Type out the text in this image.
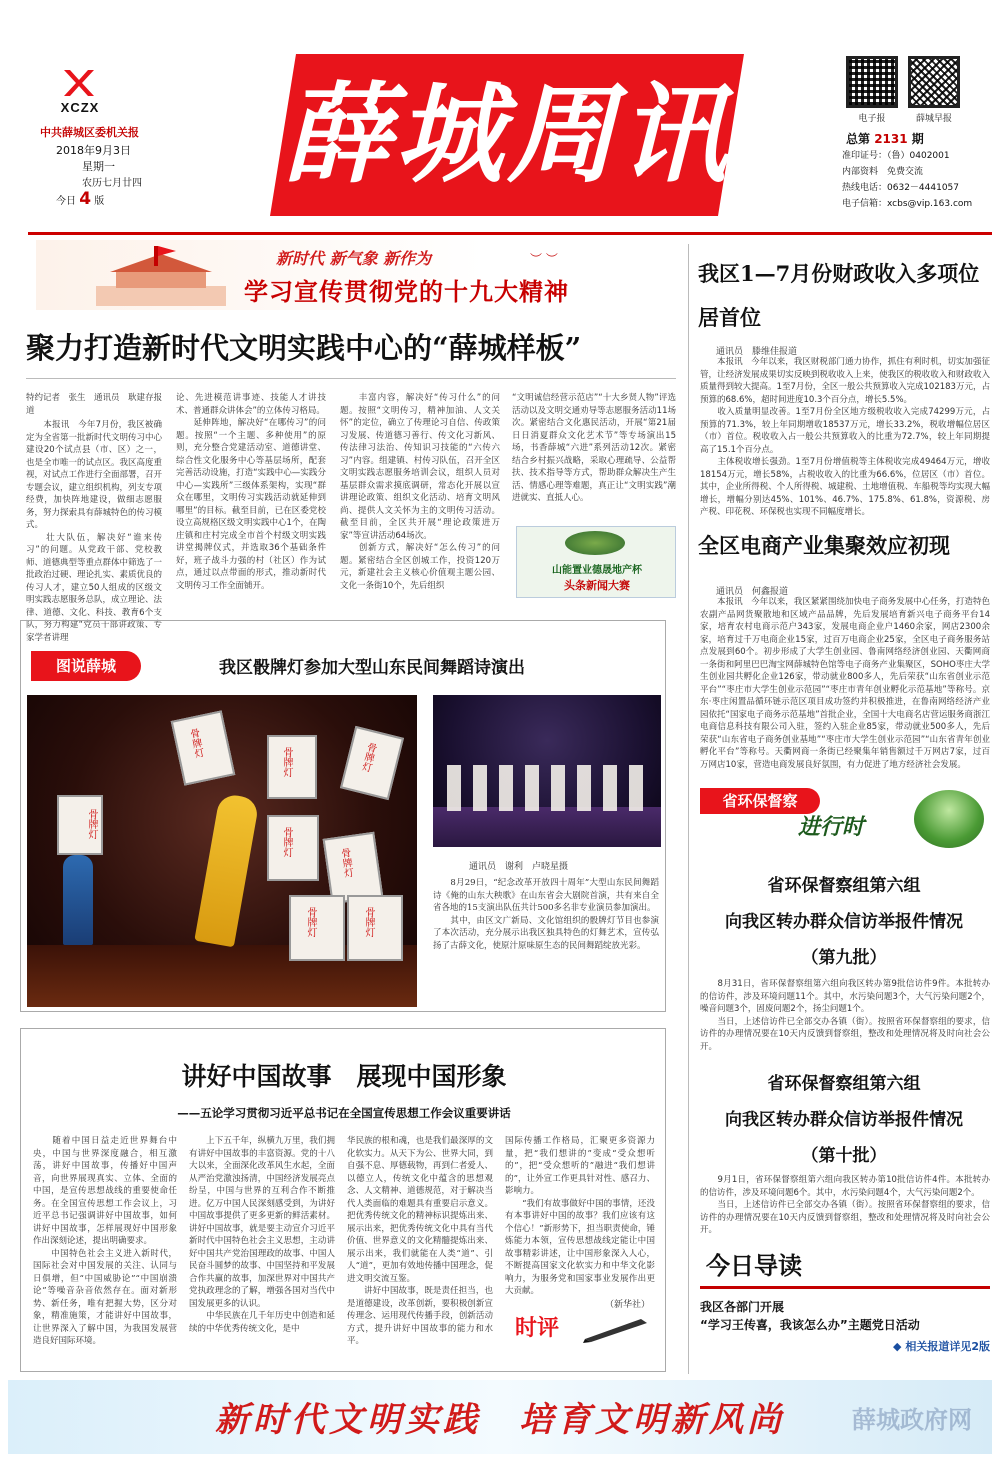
XCZX
中共薛城区委机关报
2018年9月3日
星期一
农历七月廿四
今日 4 版
薛城周讯	电子报	薛城早报
总第 2131 期
准印证号：（鲁）0402001
内部资料　 免费交流
热线电话：0632－4441057
电子信箱：xcbs@vip.163.com
新时代 新气象 新作为
学习宣传贯彻党的十九大精神
︶ ︶
聚力打造新时代文明实践中心的“薛城样板”
特约记者　张生　通讯员　耿建存报道
　　本报讯　今年7月份，我区被确定为全省第一批新时代文明传习中心建设20个试点县（市、区）之一，也是全市唯一的试点区。我区高度重视，对试点工作进行全面部署，召开专题会议，建立组织机构，列支专项经费，加快阵地建设，做细志愿服务，努力探索具有薛城特色的传习模式。
　　壮大队伍，解决好“谁来传习”的问题。从党政干部、党校教师、道德典型等重点群体中筛选了一批政治过硬、理论扎实、素质优良的传习人才，建立50人组成的区级文明实践志愿服务总队，成立理论、法律、道德、文化、科技、教育6个支队，努力构建“党员干部讲政策、专家学者讲理
论、先进模范讲事迹、技能人才讲技术、普通群众讲体会”的立体传习格局。
　　延伸阵地，解决好“在哪传习”的问题。按照“一个主题、多种使用”的原则，充分整合党建活动室、道德讲堂、综合性文化服务中心等基层场所，配套完善活动设施，打造“实践中心—实践分中心—实践所”三级体系架构，实现“群众在哪里，文明传习实践活动就延伸到哪里”的目标。截至目前，已在区委党校设立高规格区级文明实践中心1个，在陶庄镇和庄村完成全市首个村级文明实践讲堂揭牌仪式，并选取36个基础条件好，班子战斗力强的村（社区）作为试点，通过以点带面的形式，推动新时代文明传习工作全面铺开。
　　丰富内容，解决好“传习什么”的问题。按照“文明传习，精神加油、人文关怀”的定位，确立了传理论习自信、传政策习发展、传道德习善行、传文化习新风、传法律习法治、传知识习技能的“六传六习”内容。组建镇、村传习队伍，召开全区文明实践志愿服务培训会议，组织人员对基层群众需求摸底调研，常态化开展以宣讲理论政策、组织文化活动、培育文明风尚、提供人文关怀为主的文明传习活动。截至目前，全区共开展“理论政策进万家”等宣讲活动64场次。
　　创新方式，解决好“怎么传习”的问题。紧密结合全区创城工作，投资120万元，新建社会主义核心价值观主题公园、文化一条街10个，先后组织
“文明诚信经营示范店”“十大乡贤人物”评选活动以及文明交通劝导等志愿服务活动11场次。紧密结合文化惠民活动，开展“第21届日日消夏群众文化艺术节”等专场演出15场，书香薛城“六进”系列活动12次。紧密结合乡村振兴战略，采取心理疏导、公益帮扶、技术指导等方式，帮助群众解决生产生活、情感心理等难题，真正让“文明实践”潮进就实、直抵人心。
山能置业德晟地产杯
头条新闻大赛
图说薛城	我区骰牌灯参加大型山东民间舞蹈诗演出
骨牌灯
骨牌灯
骨牌灯	骨牌灯
骨牌灯
骨牌灯
骨牌灯	骨牌灯
通讯员　谢利　卢晓星摄
　　8月29日，“纪念改革开放四十周年”大型山东民间舞蹈诗《俺的山东大秧歌》在山东省会大剧院首演，共有来自全省各地的15支演出队伍共计500多名非专业演员参加演出。
　　其中，由区文广新局、文化馆组织的骰牌灯节目也参演了本次活动，充分展示出我区独具特色的灯舞艺术，宣传弘扬了古薛文化，使原汁原味原生态的民间舞蹈绽放光彩。
讲好中国故事　展现中国形象
——五论学习贯彻习近平总书记在全国宣传思想工作会议重要讲话
　　随着中国日益走近世界舞台中央，中国与世界深度融合，相互激荡，讲好中国故事，传播好中国声音，向世界展现真实、立体、全面的中国，是宣传思想战线的重要使命任务。在全国宣传思想工作会议上，习近平总书记强调讲好中国故事，如何讲好中国故事，怎样展现好中国形象作出深刻论述，提出明确要求。
　　中国特色社会主义进入新时代，国际社会对中国发展的关注、认同与日俱增，但“中国威胁论”“中国崩溃论”等噪音杂音依然存在。面对新形势、新任务，唯有把握大势，区分对象，精准施策，才能讲好中国故事，让世界深入了解中国，为我国发展营造良好国际环境。
　　上下五千年，纵横九万里，我们拥有讲好中国故事的丰富资源。党的十八大以来，全面深化改革风生水起，全面从严治党激浊扬清，中国经济发展亮点纷呈，中国与世界的互利合作不断推进。亿万中国人民深刻感受到，为讲好中国故事提供了更多更新的鲜活素材。讲好中国故事，就是要主动宣介习近平新时代中国特色社会主义思想，主动讲好中国共产党治国理政的故事、中国人民奋斗圆梦的故事、中国坚持和平发展合作共赢的故事，加深世界对中国共产党执政理念的了解，增强各国对当代中国发展更多的认识。
　　中华民族在几千年历史中创造和延续的中华优秀传统文化，是中
华民族的根和魂，也是我们最深厚的文化软实力。从天下为公、世界大同，到自强不息、厚德载物，再到仁者爱人、以德立人，传统文化中蕴含的思想观念、人文精神、道德规范，对于解决当代人类面临的难题具有重要启示意义。把优秀传统文化的精神标识提炼出来、展示出来，把优秀传统文化中具有当代价值、世界意义的文化精髓提炼出来、展示出来，我们就能在人类“道”、引人“道”，更加有效地传播中国理念，促进文明交流互鉴。
　　讲好中国故事，既是责任担当，也是道德建设，改革创新，要积极创新宣传理念、运用现代传播手段，创新活动方式，提升讲好中国故事的能力和水平。
国际传播工作格局，汇聚更多资源力量，把“我们想讲的”变成“受众想听的”，把“受众想听的”融进“我们想讲的”，让外宣工作更具针对性、感召力、影响力。
　　“我们有故事做好中国的事情，还没有本事讲好中国的故事？我们应该有这个信心！”新形势下，担当职责使命，锤炼能力本领，宣传思想战线定能让中国故事精彩讲述，让中国形象深入人心，不断提高国家文化软实力和中华文化影响力，为服务党和国家事业发展作出更大贡献。
时评
（新华社）
我区1—7月份财政收入多项位居首位
通讯员　滕维佳报道
　　本报讯　今年以来，我区财税部门通力协作，抓住有利时机，切实加强征管，让经济发展成果切实反映到税收收入上来，使我区的税收收入和财政收入质量得到较大提高。1至7月份，全区一般公共预算收入完成102183万元，占预算的68.6%，超时间进度10.3个百分点，增长5.5%。
　　收入质量明显改善。1至7月份全区地方级税收收入完成74299万元，占预算的71.3%，较上年同期增收18537万元，增长33.2%，税收增幅位居区（市）首位。税收收入占一般公共预算收入的比重为72.7%，较上年同期提高了15.1个百分点。
　　主体税收增长强劲。1至7月份增值税等主体税收完成49464万元，增收18154万元，增长58%，占税收收入的比重为66.6%，位居区（市）首位。其中，企业所得税、个人所得税、城建税、土地增值税、车船税等均实现大幅增长，增幅分别达45%、101%、46.7%、175.8%、61.8%，资源税、房产税、印花税、环保税也实现不同幅度增长。
全区电商产业集聚效应初现
通讯员　何鑫报道
　　本报讯　今年以来，我区紧紧围绕加快电子商务发展中心任务，打造特色农副产品网货聚散地和区域产品品牌，先后发展培育新兴电子商务平台14家，培育农村电商示范户343家，发展电商企业户1460余家，网店2300余家，培育过千万电商企业15家，过百万电商企业25家，全区电子商务服务站点发展到60个。初步形成了大学生创业园、鲁南网络经济创业园、天衢网商一条街和阿里巴巴淘宝网薛城特色馆等电子商务产业集聚区，SOHO枣庄大学生创业园共孵化企业126家，带动就业800多人，先后荣获“山东省创业示范平台”“枣庄市大学生创业示范园”“枣庄市青年创业孵化示范基地”等称号。京东·枣庄闲置品循环链示范区项目成功签约并积极推进，在鲁南网络经济产业园依托“国家电子商务示范基地”首批企业，全国十大电商名店营运服务商浙江电商信息科技有限公司入驻，签约入驻企业85家，带动就业500多人，先后荣获“山东省电子商务创业基地”“枣庄市大学生创业示范园”“山东省青年创业孵化平台”等称号。天衢网商一条街已经聚集年销售额过千万网店7家，过百万网店10家，营造电商发展良好氛围，有力促进了地方经济社会发展。
省环保督察
进行时
省环保督察组第六组
向我区转办群众信访举报件情况
（第九批）
　　8月31日，省环保督察组第六组向我区转办第9批信访件9件。本批转办的信访件，涉及环境问题11个。其中，水污染问题3个，大气污染问题2个，噪音问题3个，固废问题2个，扬尘问题1个。
　　当日，上述信访件已全部交办各镇（街）。按照省环保督察组的要求，信访件的办理情况要在10天内反馈到督察组，整改和处理情况将及时向社会公开。
省环保督察组第六组
向我区转办群众信访举报件情况
（第十批）
　　9月1日，省环保督察组第六组向我区转办第10批信访件4件。本批转办的信访件，涉及环境问题6个。其中，水污染问题4个，大气污染问题2个。
　　当日，上述信访件已全部交办各镇（街）。按照省环保督察组的要求，信访件的办理情况要在10天内反馈到督察组，整改和处理情况将及时向社会公开。
今日导读
我区各部门开展
“学习王传喜，我该怎么办”主题党日活动
◆ 相关报道详见2版
新时代文明实践　培育文明新风尚	薛城政府网
